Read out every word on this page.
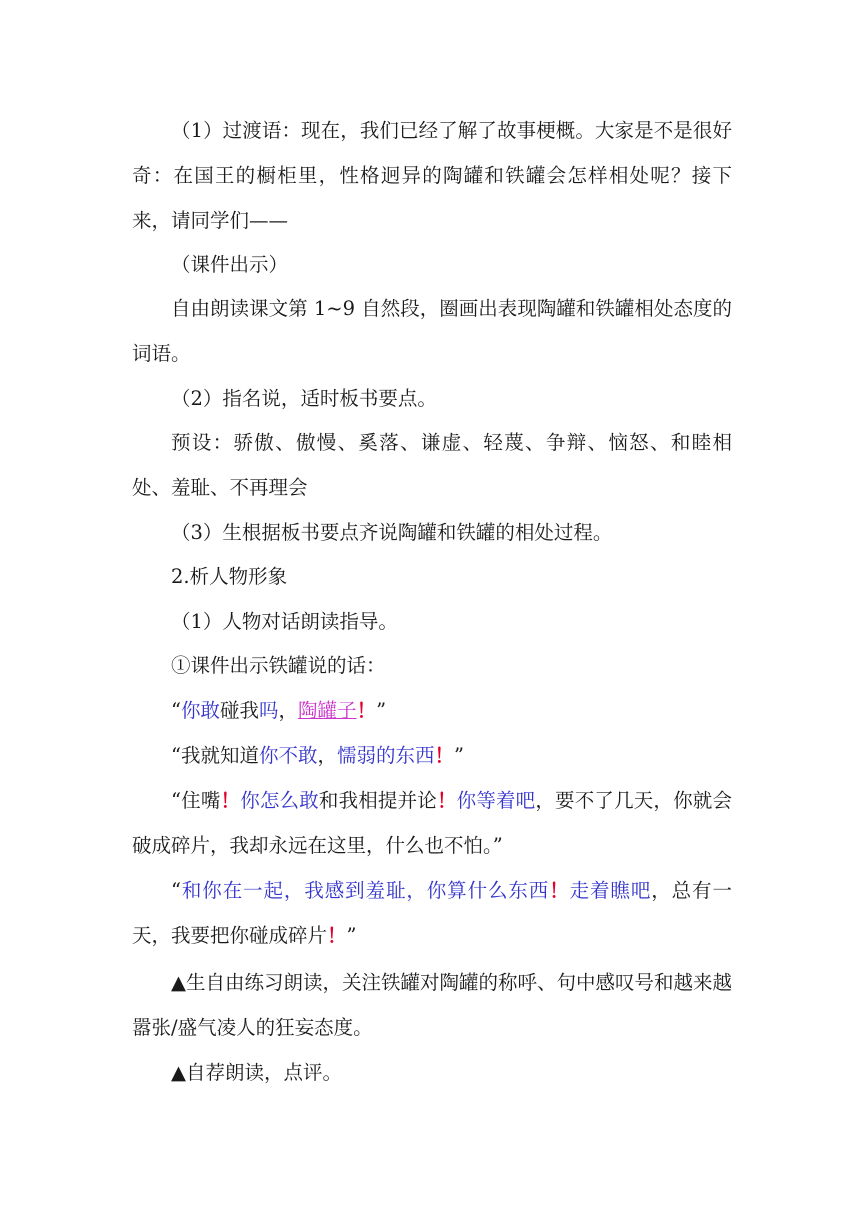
（1）过渡语：现在，我们已经了解了故事梗概。大家是不是很好奇：在国王的橱柜里，性格迥异的陶罐和铁罐会怎样相处呢？接下来，请同学们——

（课件出示）

自由朗读课文第 1~9 自然段，圈画出表现陶罐和铁罐相处态度的词语。

（2）指名说，适时板书要点。

预设：骄傲、傲慢、奚落、谦虚、轻蔑、争辩、恼怒、和睦相处、羞耻、不再理会

（3）生根据板书要点齐说陶罐和铁罐的相处过程。

2.析人物形象

（1）人物对话朗读指导。

①课件出示铁罐说的话：

“你敢碰我吗，陶罐子！”

“我就知道你不敢，懦弱的东西！”

“住嘴！你怎么敢和我相提并论！你等着吧，要不了几天，你就会破成碎片，我却永远在这里，什么也不怕。”

“和你在一起，我感到羞耻，你算什么东西！走着瞧吧，总有一天，我要把你碰成碎片！”

▲生自由练习朗读，关注铁罐对陶罐的称呼、句中感叹号和越来越嚣张/盛气凌人的狂妄态度。

▲自荐朗读，点评。
